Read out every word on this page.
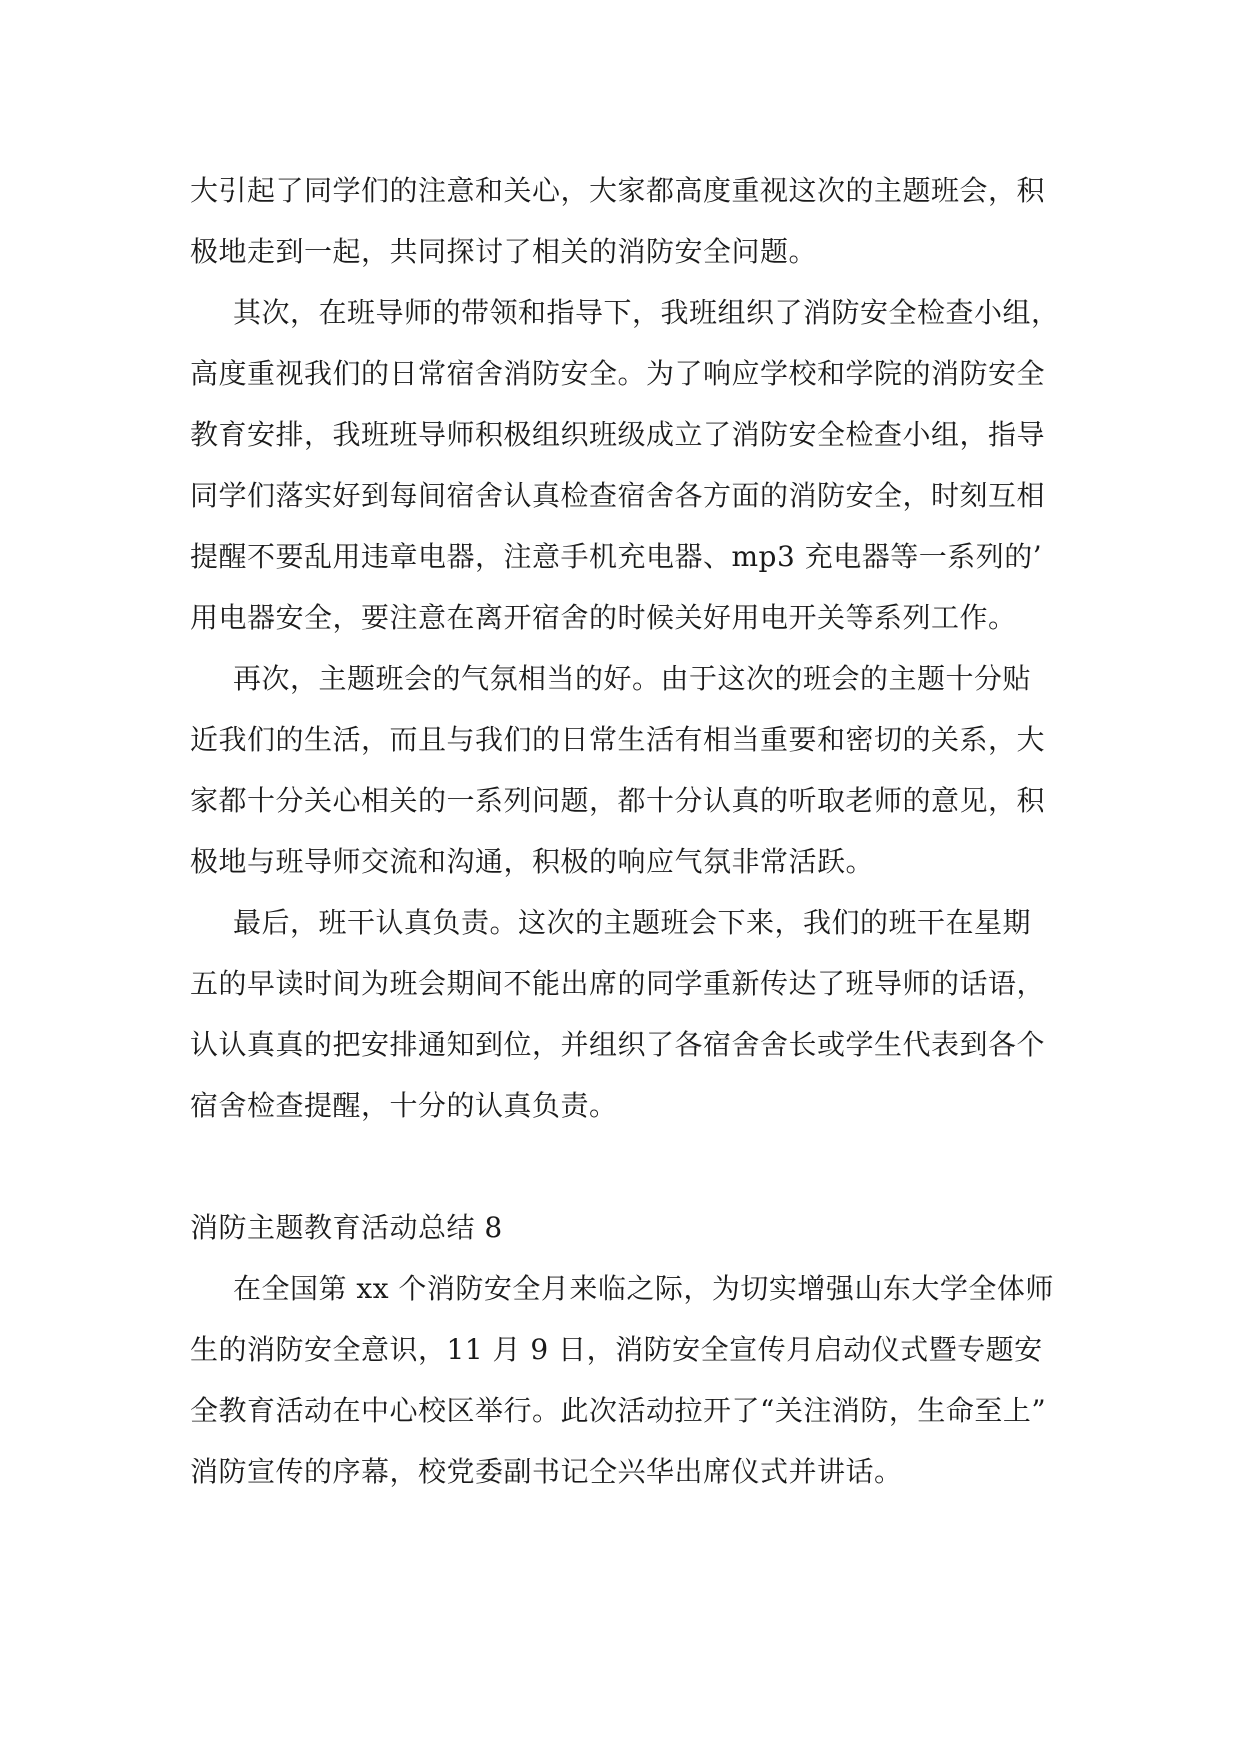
大引起了同学们的注意和关心，大家都高度重视这次的主题班会，积
极地走到一起，共同探讨了相关的消防安全问题。
其次，在班导师的带领和指导下，我班组织了消防安全检查小组，
高度重视我们的日常宿舍消防安全。为了响应学校和学院的消防安全
教育安排，我班班导师积极组织班级成立了消防安全检查小组，指导
同学们落实好到每间宿舍认真检查宿舍各方面的消防安全，时刻互相
提醒不要乱用违章电器，注意手机充电器、mp3 充电器等一系列的’
用电器安全，要注意在离开宿舍的时候关好用电开关等系列工作。
再次，主题班会的气氛相当的好。由于这次的班会的主题十分贴
近我们的生活，而且与我们的日常生活有相当重要和密切的关系，大
家都十分关心相关的一系列问题，都十分认真的听取老师的意见，积
极地与班导师交流和沟通，积极的响应气氛非常活跃。
最后，班干认真负责。这次的主题班会下来，我们的班干在星期
五的早读时间为班会期间不能出席的同学重新传达了班导师的话语，
认认真真的把安排通知到位，并组织了各宿舍舍长或学生代表到各个
宿舍检查提醒，十分的认真负责。
消防主题教育活动总结 8
在全国第 xx 个消防安全月来临之际，为切实增强山东大学全体师
生的消防安全意识，11 月 9 日，消防安全宣传月启动仪式暨专题安
全教育活动在中心校区举行。此次活动拉开了“关注消防，生命至上”
消防宣传的序幕，校党委副书记仝兴华出席仪式并讲话。
